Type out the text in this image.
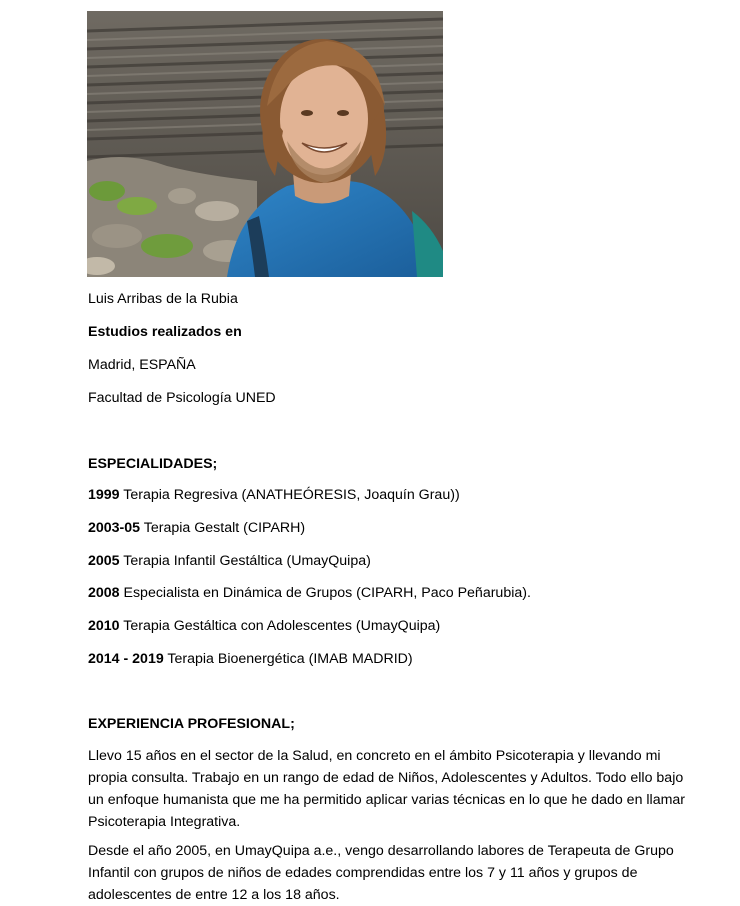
Luis Arribas de la Rubia
Estudios realizados en
Madrid, ESPAÑA
Facultad de Psicología UNED
ESPECIALIDADES;
1999 Terapia Regresiva (ANATHEÓRESIS, Joaquín Grau))
2003-05 Terapia Gestalt (CIPARH)
2005 Terapia Infantil Gestáltica (UmayQuipa)
2008 Especialista en Dinámica de Grupos (CIPARH, Paco Peñarubia).
2010 Terapia Gestáltica con Adolescentes (UmayQuipa)
2014 - 2019 Terapia Bioenergética (IMAB MADRID)
EXPERIENCIA PROFESIONAL;
Llevo 15 años en el sector de la Salud, en concreto en el ámbito Psicoterapia y llevando mi
propia consulta. Trabajo en un rango de edad de Niños, Adolescentes y Adultos. Todo ello bajo
un enfoque humanista que me ha permitido aplicar varias técnicas en lo que he dado en llamar
Psicoterapia Integrativa.
Desde el año 2005, en UmayQuipa a.e., vengo desarrollando labores de Terapeuta de Grupo
Infantil con grupos de niños de edades comprendidas entre los 7 y 11 años y grupos de
adolescentes de entre 12 a los 18 años.
